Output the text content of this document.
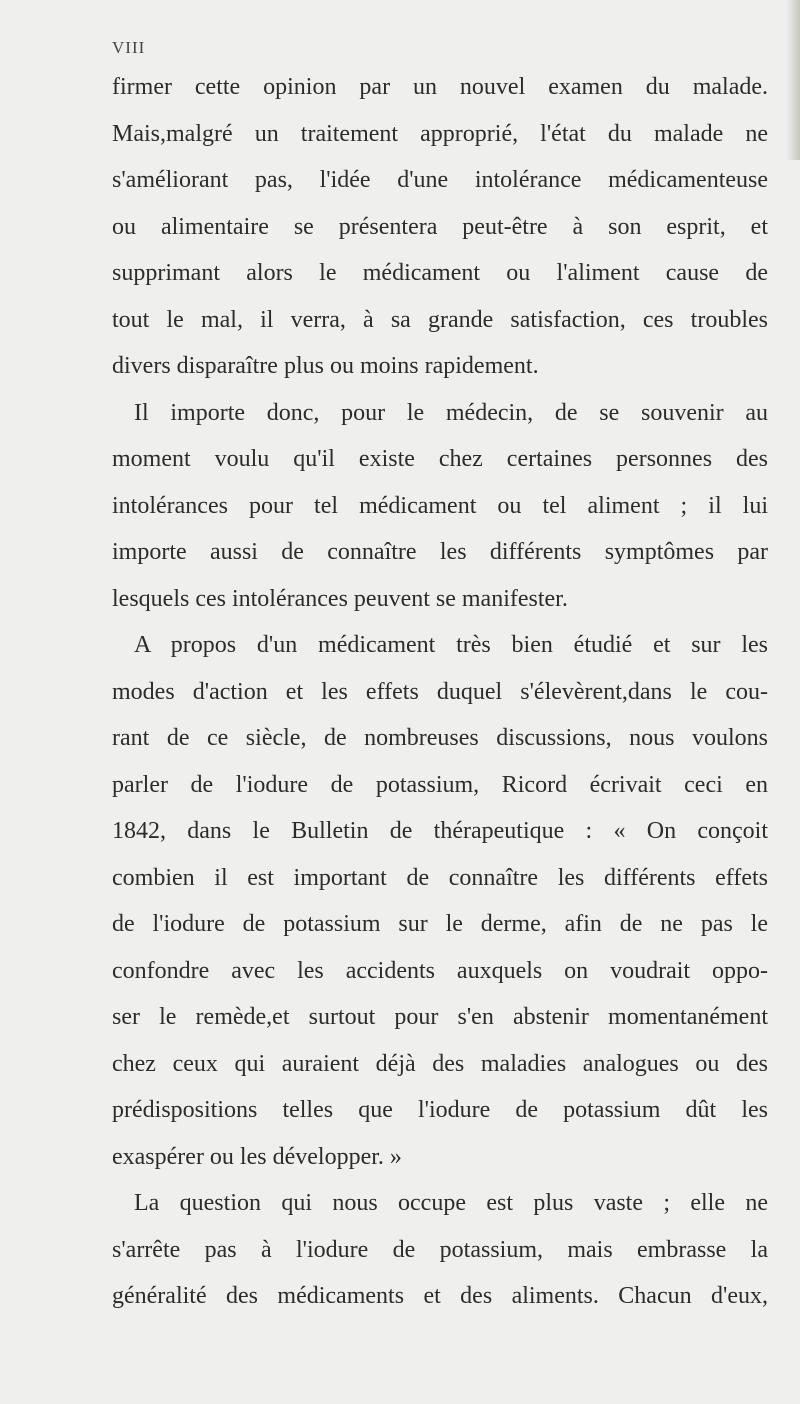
VIII
firmer cette opinion par un nouvel examen du malade.
Mais,malgré un traitement approprié, l'état du malade ne
s'améliorant pas, l'idée d'une intolérance médicamenteuse
ou alimentaire se présentera peut-être à son esprit, et
supprimant alors le médicament ou l'aliment cause de
tout le mal, il verra, à sa grande satisfaction, ces troubles
divers disparaître plus ou moins rapidement.
Il importe donc, pour le médecin, de se souvenir au
moment voulu qu'il existe chez certaines personnes des
intolérances pour tel médicament ou tel aliment ; il lui
importe aussi de connaître les différents symptômes par
lesquels ces intolérances peuvent se manifester.
A propos d'un médicament très bien étudié et sur les
modes d'action et les effets duquel s'élevèrent,dans le cou-
rant de ce siècle, de nombreuses discussions, nous voulons
parler de l'iodure de potassium, Ricord écrivait ceci en
1842, dans le Bulletin de thérapeutique : « On conçoit
combien il est important de connaître les différents effets
de l'iodure de potassium sur le derme, afin de ne pas le
confondre avec les accidents auxquels on voudrait oppo-
ser le remède,et surtout pour s'en abstenir momentanément
chez ceux qui auraient déjà des maladies analogues ou des
prédispositions telles que l'iodure de potassium dût les
exaspérer ou les développer. »
La question qui nous occupe est plus vaste ; elle ne
s'arrête pas à l'iodure de potassium, mais embrasse la
généralité des médicaments et des aliments. Chacun d'eux,
